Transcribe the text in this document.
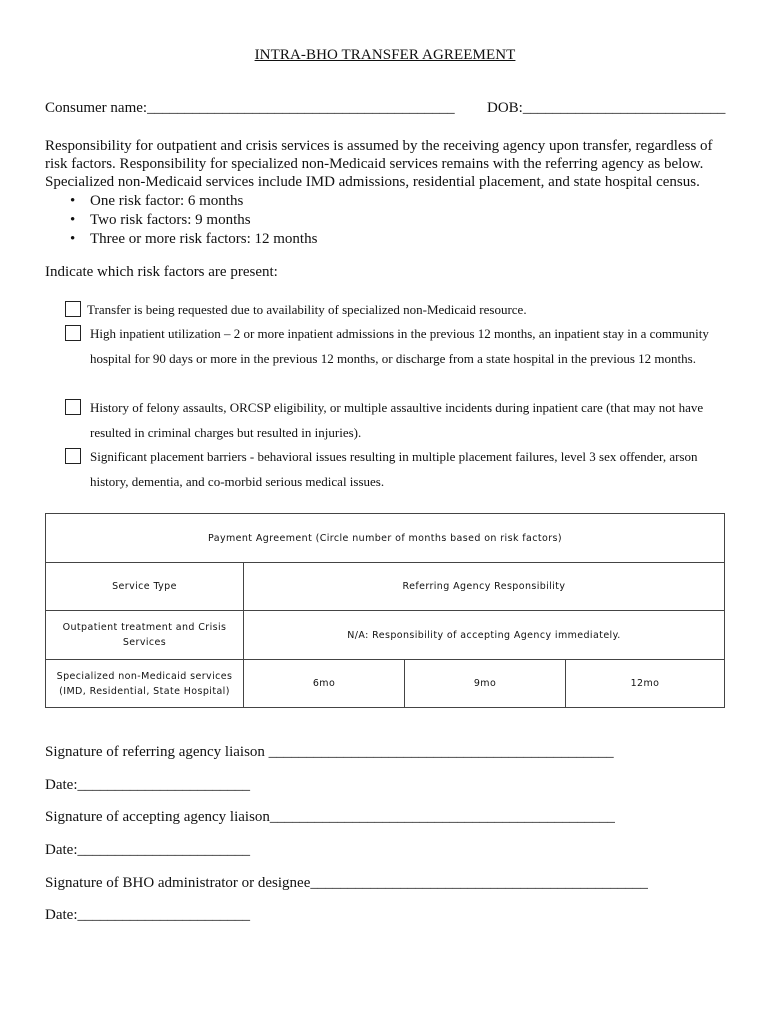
INTRA-BHO TRANSFER AGREEMENT
Consumer name:_________________________________________ DOB:___________________________
Responsibility for outpatient and crisis services is assumed by the receiving agency upon transfer, regardless of risk factors. Responsibility for specialized non-Medicaid services remains with the referring agency as below. Specialized non-Medicaid services include IMD admissions, residential placement, and state hospital census.
• One risk factor: 6 months
• Two risk factors: 9 months
• Three or more risk factors: 12 months
Indicate which risk factors are present:
Transfer is being requested due to availability of specialized non-Medicaid resource.
High inpatient utilization – 2 or more inpatient admissions in the previous 12 months, an inpatient stay in a community hospital for 90 days or more in the previous 12 months, or discharge from a state hospital in the previous 12 months.
History of felony assaults, ORCSP eligibility, or multiple assaultive incidents during inpatient care (that may not have resulted in criminal charges but resulted in injuries).
Significant placement barriers - behavioral issues resulting in multiple placement failures, level 3 sex offender, arson history, dementia, and co-morbid serious medical issues.
Payment Agreement (Circle number of months based on risk factors)			
Service Type	Referring Agency Responsibility		
Outpatient treatment and Crisis Services	N/A: Responsibility of accepting Agency immediately.		
Specialized non-Medicaid services (IMD, Residential, State Hospital)	6mo	9mo	12mo
Signature of referring agency liaison ______________________________________________
Date:_______________________
Signature of accepting agency liaison______________________________________________
Date:_______________________
Signature of BHO administrator or designee_____________________________________________
Date:_______________________
